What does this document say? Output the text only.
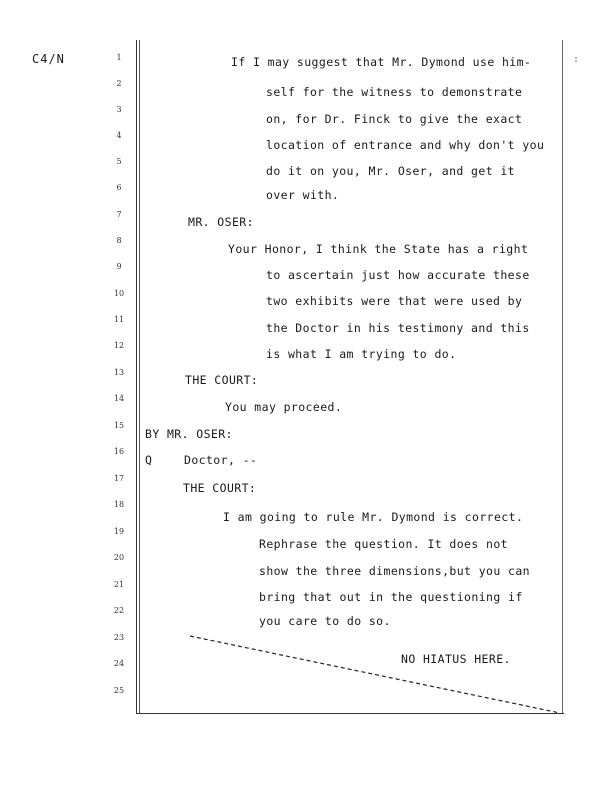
C4/N	:
1
2
3
4
5
6
7
8
9
10
11
12
13
14
15
16
17
18
19
20
21
22
23
24
25
If I may suggest that Mr. Dymond use him-
self for the witness to demonstrate
on, for Dr. Finck to give the exact
location of entrance and why don't you
do it on you, Mr. Oser, and get it
over with.
MR. OSER:
Your Honor, I think the State has a right
to ascertain just how accurate these
two exhibits were that were used by
the Doctor in his testimony and this
is what I am trying to do.
THE COURT:
You may proceed.
BY MR. OSER:
Q	Doctor, --
THE COURT:
I am going to rule Mr. Dymond is correct.
Rephrase the question. It does not
show the three dimensions,but you can
bring that out in the questioning if
you care to do so.
NO HIATUS HERE.
